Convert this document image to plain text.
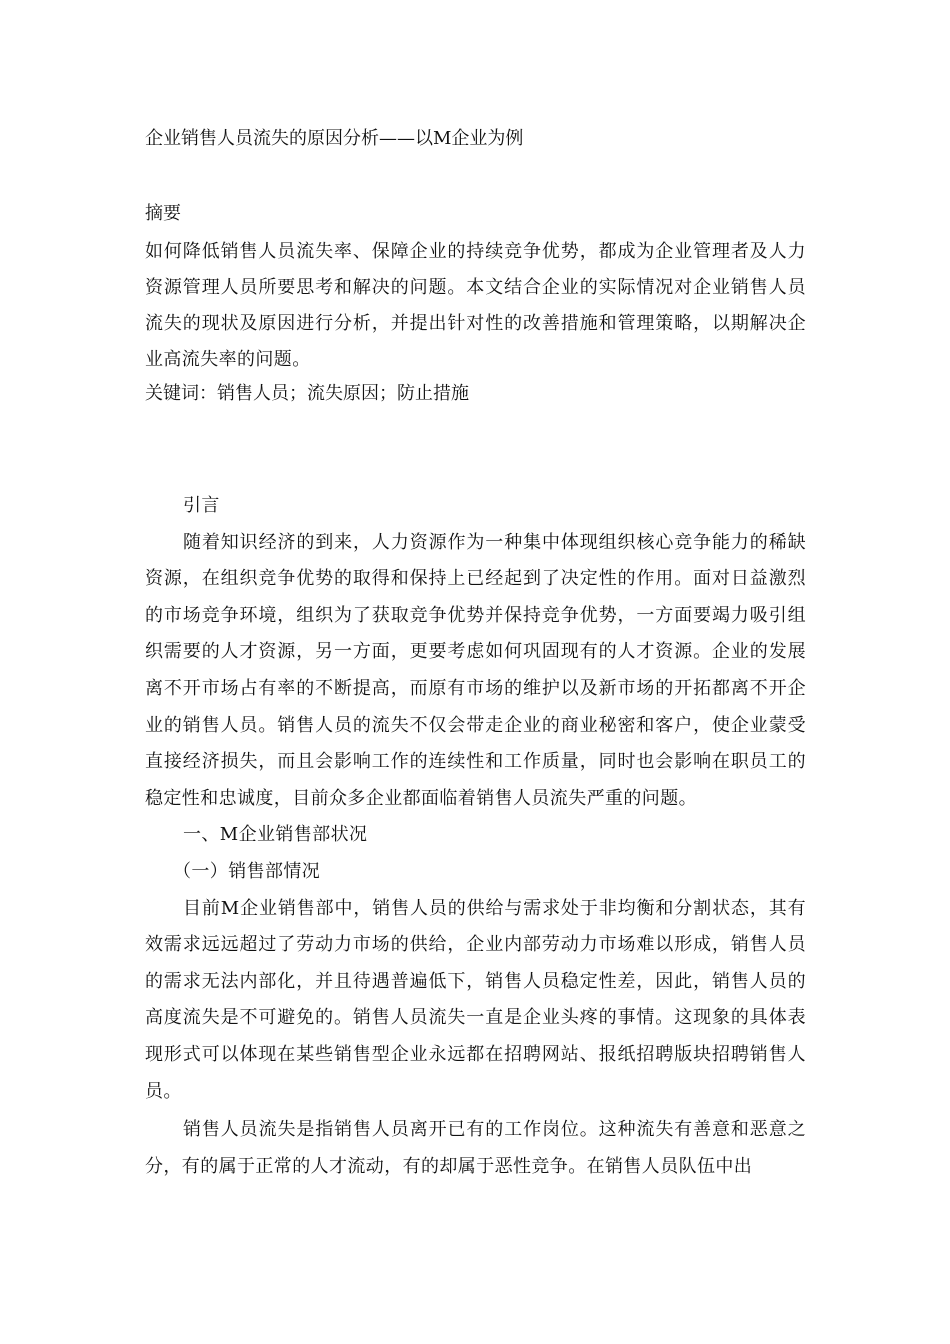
企业销售人员流失的原因分析——以M企业为例
摘要
如何降低销售人员流失率、保障企业的持续竞争优势，都成为企业管理者及人力资源管理人员所要思考和解决的问题。本文结合企业的实际情况对企业销售人员流失的现状及原因进行分析，并提出针对性的改善措施和管理策略，以期解决企业高流失率的问题。
关键词：销售人员；流失原因；防止措施

引言

随着知识经济的到来，人力资源作为一种集中体现组织核心竞争能力的稀缺资源，在组织竞争优势的取得和保持上已经起到了决定性的作用。面对日益激烈的市场竞争环境，组织为了获取竞争优势并保持竞争优势，一方面要竭力吸引组织需要的人才资源，另一方面，更要考虑如何巩固现有的人才资源。企业的发展离不开市场占有率的不断提高，而原有市场的维护以及新市场的开拓都离不开企业的销售人员。销售人员的流失不仅会带走企业的商业秘密和客户，使企业蒙受直接经济损失，而且会影响工作的连续性和工作质量，同时也会影响在职员工的稳定性和忠诚度，目前众多企业都面临着销售人员流失严重的问题。

一、M企业销售部状况

（一）销售部情况

目前M企业销售部中，销售人员的供给与需求处于非均衡和分割状态，其有效需求远远超过了劳动力市场的供给，企业内部劳动力市场难以形成，销售人员的需求无法内部化，并且待遇普遍低下，销售人员稳定性差，因此，销售人员的高度流失是不可避免的。销售人员流失一直是企业头疼的事情。这现象的具体表现形式可以体现在某些销售型企业永远都在招聘网站、报纸招聘版块招聘销售人员。

销售人员流失是指销售人员离开已有的工作岗位。这种流失有善意和恶意之分，有的属于正常的人才流动，有的却属于恶性竞争。在销售人员队伍中出
